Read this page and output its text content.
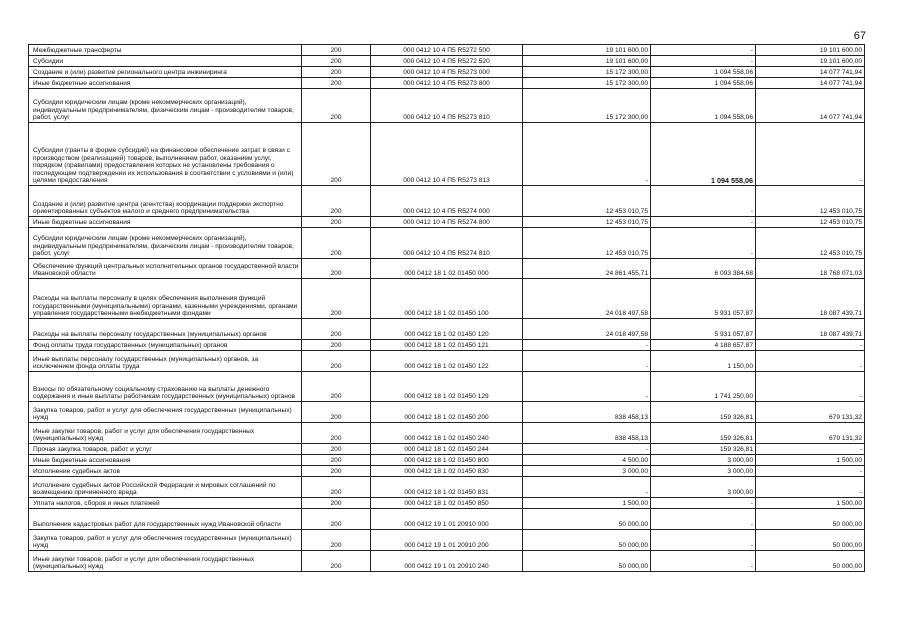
67
Межбюджетные трансферты	200	000 0412 10 4 П5 R5272 500	19 101 600,00	-	19 101 600,00
Субсидии	200	000 0412 10 4 П5 R5272 520	19 101 600,00	-	19 101 600,00
Создание и (или) развитие регионального центра инжиниринга	200	000 0412 10 4 П5 R5273 000	15 172 300,00	1 094 558,06	14 077 741,94
Иные бюджетные ассигнования	200	000 0412 10 4 П5 R5273 800	15 172 300,00	1 094 558,06	14 077 741,94
Субсидии юридическим лицам (кроме некоммерческих организаций), индивидуальным предпринимателям, физическим лицам - производителям товаров, работ, услуг	200	000 0412 10 4 П5 R5273 810	15 172 300,00	1 094 558,06	14 077 741,94
Субсидии (гранты в форме субсидий) на финансовое обеспечение затрат в связи с производством (реализацией) товаров, выполнением работ, оказанием услуг, порядком (правилами) предоставления которых не установлены требования о последующем подтверждении их использования в соответствии с условиями и (или) целями предоставления	200	000 0412 10 4 П5 R5273 813	-	1 094 558,06	-
Создание и (или) развитие центра (агентства) координации поддержки экспортно ориентированных субъектов малого и среднего предпринимательства	200	000 0412 10 4 П5 R5274 000	12 453 010,75	-	12 453 010,75
Иные бюджетные ассигнования	200	000 0412 10 4 П5 R5274 800	12 453 010,75	-	12 453 010,75
Субсидии юридическим лицам (кроме некоммерческих организаций), индивидуальным предпринимателям, физическим лицам - производителям товаров, работ, услуг	200	000 0412 10 4 П5 R5274 810	12 453 010,75	-	12 453 010,75
Обеспечение функций центральных исполнительных органов государственной власти Ивановской области	200	000 0412 18 1 02 01450 000	24 861 455,71	6 093 384,68	18 768 071,03
Расходы на выплаты персоналу в целях обеспечения выполнения функций государственными (муниципальными) органами, казенными учреждениями, органами управления государственными внебюджетными фондами	200	000 0412 18 1 02 01450 100	24 018 497,58	5 931 057,87	18 087 439,71
Расходы на выплаты персоналу государственных (муниципальных) органов	200	000 0412 18 1 02 01450 120	24 018 497,58	5 931 057,87	18 087 439,71
Фонд оплаты труда государственных (муниципальных) органов	200	000 0412 18 1 02 01450 121	-	4 188 657,87	-
Иные выплаты персоналу государственных (муниципальных) органов, за исключением фонда оплаты труда	200	000 0412 18 1 02 01450 122	-	1 150,00	-
Взносы по обязательному социальному страхованию на выплаты денежного содержания и иные выплаты работникам государственных (муниципальных) органов	200	000 0412 18 1 02 01450 129	-	1 741 250,00	-
Закупка товаров, работ и услуг для обеспечения государственных (муниципальных) нужд	200	000 0412 18 1 02 01450 200	838 458,13	159 326,81	679 131,32
Иные закупки товаров, работ и услуг для обеспечения государственных (муниципальных) нужд	200	000 0412 18 1 02 01450 240	838 458,13	159 326,81	679 131,32
Прочая закупка товаров, работ и услуг	200	000 0412 18 1 02 01450 244	-	159 326,81	-
Иные бюджетные ассигнования	200	000 0412 18 1 02 01450 800	4 500,00	3 000,00	1 500,00
Исполнение судебных актов	200	000 0412 18 1 02 01450 830	3 000,00	3 000,00	-
Исполнение судебных актов Российской Федерации и мировых соглашений по возмещению причиненного вреда	200	000 0412 18 1 02 01450 831	-	3 000,00	-
Уплата налогов, сборов и иных платежей	200	000 0412 18 1 02 01450 850	1 500,00	-	1 500,00
Выполнение кадастровых работ для государственных нужд Ивановской области	200	000 0412 19 1 01 20910 000	50 000,00	-	50 000,00
Закупка товаров, работ и услуг для обеспечения государственных (муниципальных) нужд	200	000 0412 19 1 01 20910 200	50 000,00	-	50 000,00
Иные закупки товаров, работ и услуг для обеспечения государственных (муниципальных) нужд	200	000 0412 19 1 01 20910 240	50 000,00	-	50 000,00
